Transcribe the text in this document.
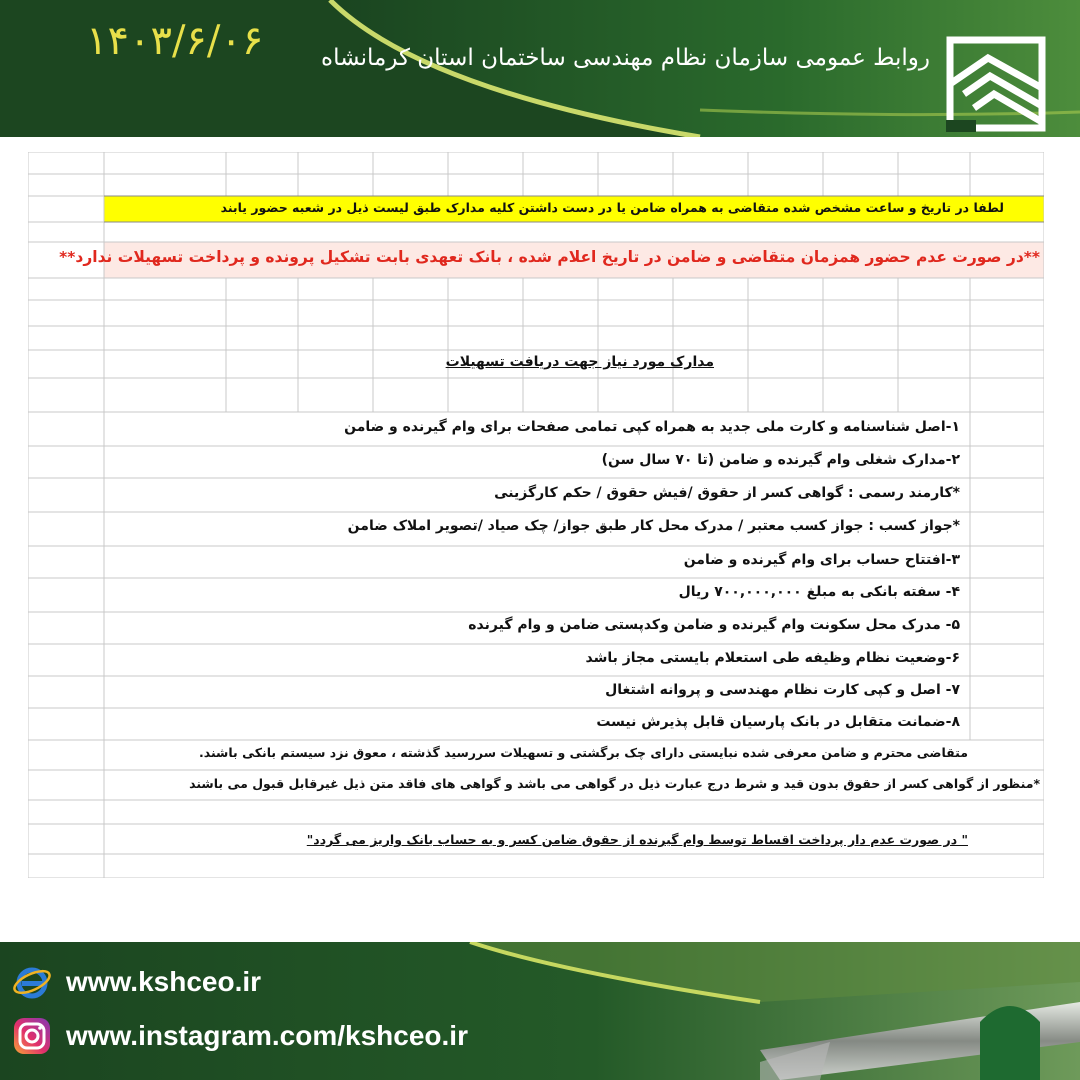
۱۴۰۳/۶/۰۶	روابط عمومی سازمان نظام مهندسی ساختمان استان کرمانشاه
لطفا در تاریخ و ساعت مشخص شده متقاضی به همراه ضامن یا در دست داشتن کلیه مدارک طبق لیست ذیل در شعبه حضور یابند
**در صورت عدم حضور همزمان متقاضی و ضامن در تاریخ اعلام شده ، بانک تعهدی بابت تشکیل پرونده و پرداخت تسهیلات ندارد**
مدارک مورد نیاز جهت دریافت تسهیلات
۱-اصل شناسنامه و کارت ملی جدید به همراه کپی تمامی صفحات برای وام گیرنده و ضامن
۲-مدارک شغلی وام گیرنده و ضامن (تا ۷۰ سال سن)
*کارمند رسمی : گواهی کسر از حقوق /فیش حقوق / حکم کارگزینی
*جواز کسب : جواز کسب معتبر / مدرک محل کار طبق جواز/ چک صیاد /تصویر املاک ضامن
۳-افتتاح حساب برای وام گیرنده و ضامن
۴- سفته بانکی به مبلغ ۷۰۰,۰۰۰,۰۰۰ ریال
۵- مدرک محل سکونت وام گیرنده و ضامن وکدپستی ضامن و وام گیرنده
۶-وضعیت نظام وظیفه طی استعلام بایستی مجاز باشد
۷- اصل و کپی کارت نظام مهندسی و پروانه اشتغال
۸-ضمانت متقابل در بانک پارسیان قابل پذیرش نیست
متقاضی محترم و ضامن معرفی شده نبایستی دارای چک برگشتی و تسهیلات سررسید گذشته ، معوق نزد سیستم بانکی باشند.
*منظور از گواهی کسر از حقوق بدون قید و شرط درج عبارت ذیل در گواهی می باشد و گواهی های فاقد متن ذیل غیرقابل قبول می باشند
" در صورت عدم دار پرداخت اقساط توسط وام گیرنده از حقوق ضامن کسر و به حساب بانک واریز می گردد"
www.kshceo.ir
www.instagram.com/kshceo.ir
